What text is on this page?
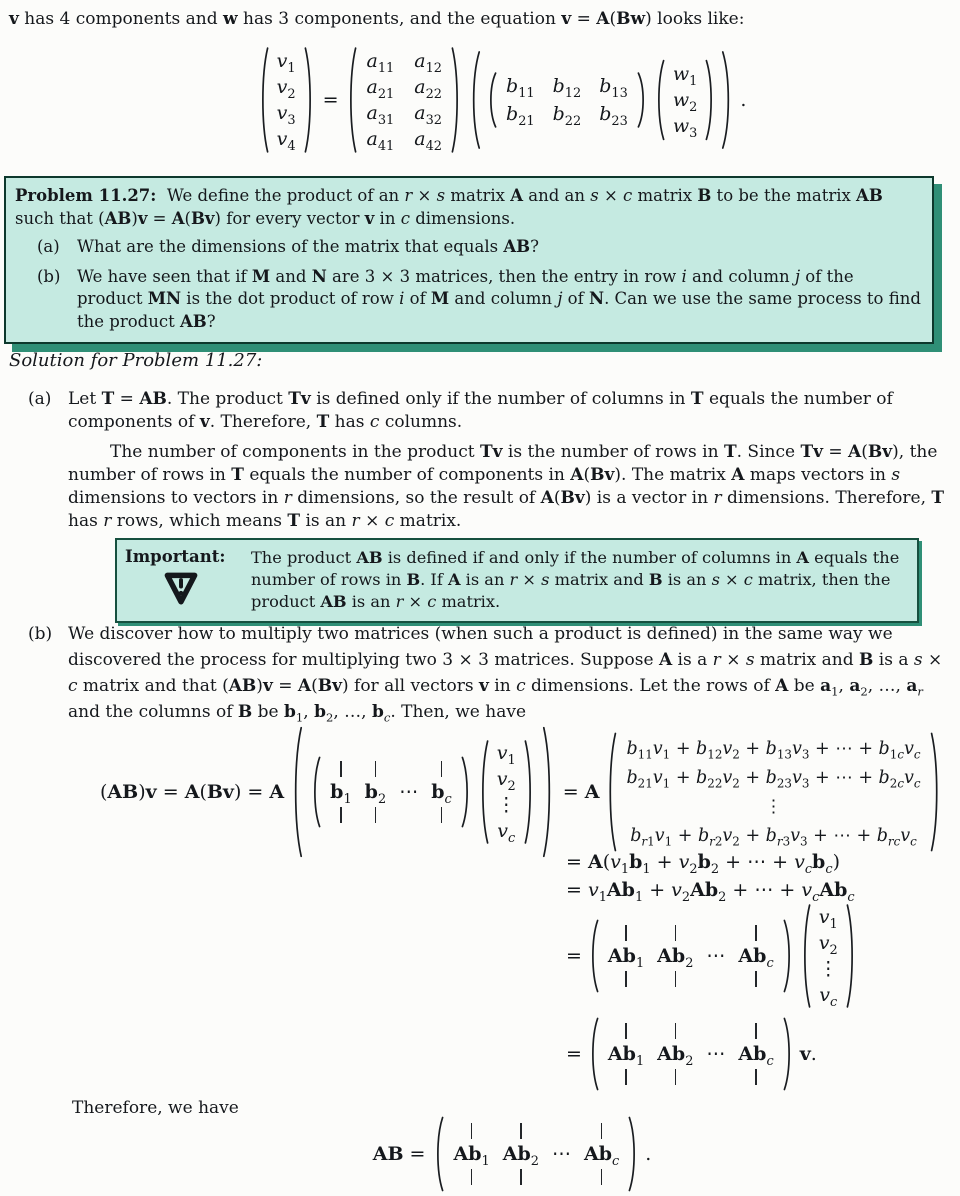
v has 4 components and w has 3 components, and the equation v = A(Bw) looks like:

$v_1$
$v_2$
$v_3$
$v_4$
=
$a_{11}$ $a_{12}$
$a_{21}$ $a_{22}$
$a_{31}$ $a_{32}$
$a_{41}$ $a_{42}$
$b_{11}$ $b_{12}$ $b_{13}$
$b_{21}$ $b_{22}$ $b_{23}$
$w_1$
$w_2$
$w_3$
.

Problem 11.27: We define the product of an r × s matrix A and an s × c matrix B to be the matrix AB such that (AB)v = A(Bv) for every vector v in c dimensions.

(a)	What are the dimensions of the matrix that equals AB?
(b)	We have seen that if M and N are 3 × 3 matrices, then the entry in row i and column j of the product MN is the dot product of row i of M and column j of N. Can we use the same process to find the product AB?

Solution for Problem 11.27:

(a) Let T = AB. The product Tv is defined only if the number of columns in T equals the number of components of v. Therefore, T has c columns.

The number of components in the product Tv is the number of rows in T. Since Tv = A(Bv), the number of rows in T equals the number of components in A(Bv). The matrix A maps vectors in s dimensions to vectors in r dimensions, so the result of A(Bv) is a vector in r dimensions. Therefore, T has r rows, which means T is an r × c matrix.

Important:	The product AB is defined if and only if the number of columns in A equals the number of rows in B. If A is an r × s matrix and B is an s × c matrix, then the product AB is an r × c matrix.
(b) We discover how to multiply two matrices (when such a product is defined) in the same way we discovered the process for multiplying two 3 × 3 matrices. Suppose A is a r × s matrix and B is a s × c matrix and that (AB)v = A(Bv) for all vectors v in c dimensions. Let the rows of A be $a_1$, $a_2$, …, $a_r$ and the columns of B be $b_1$, $b_2$, …, $b_c$. Then, we have

(AB)v = A(Bv) = A $b_1$ $b_2$ ⋯ $b_c$
$v_1$
$v_2$
⋮
$v_c$
= A
$b_{11}v_1 + b_{12}v_2 + b_{13}v_3$ + ⋯ + $b_{1c}v_c$
$b_{21}v_1 + b_{22}v_2 + b_{23}v_3$ + ⋯ + $b_{2c}v_c$
⋮
$b_{r1}v_1 + b_{r2}v_2 + b_{r3}v_3$ + ⋯ + $b_{rc}v_c$

= $A(v_1b_1 + v_2b_2$ + ⋯ + $v_cb_c$)

= $v_1Ab_1 + v_2Ab_2$ + ⋯ + $v_cAb_c$

= $Ab_1$ $Ab_2$ ⋯ $Ab_c$
$v_1$
$v_2$
⋮
$v_c$
= $Ab_1$ $Ab_2$ ⋯ $Ab_c$ v.

Therefore, we have

AB = $Ab_1$ $Ab_2$ ⋯ $Ab_c$ .
